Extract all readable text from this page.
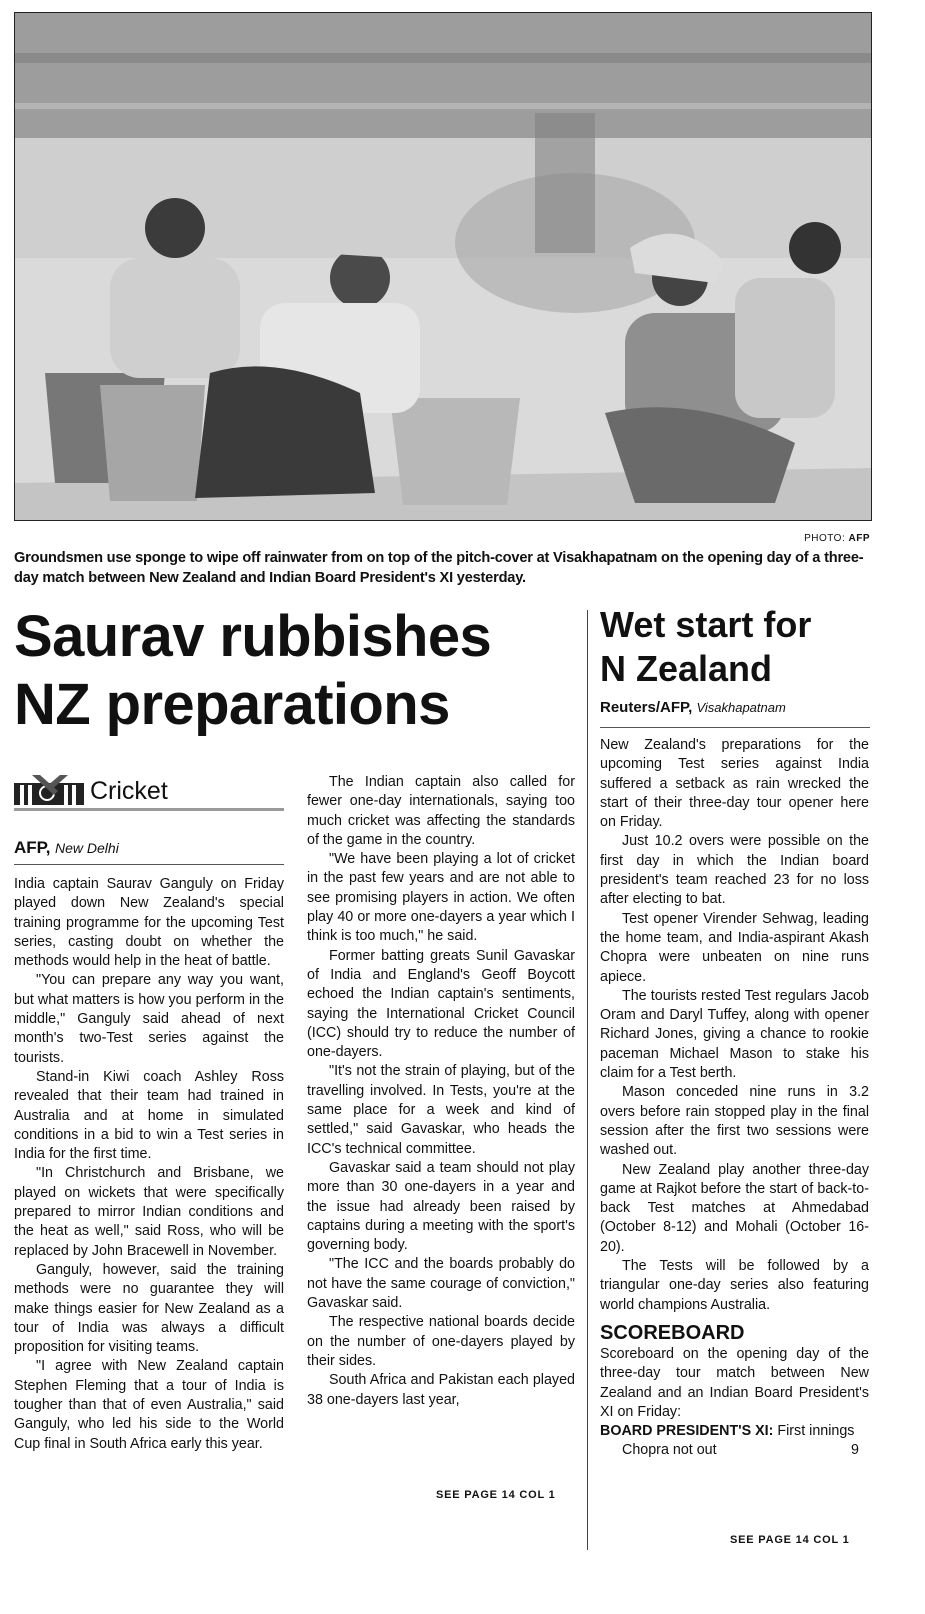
PHOTO: AFP
Groundsmen use sponge to wipe off rainwater from on top of the pitch-cover at Visakhapatnam on the opening day of a three-day match between New Zealand and Indian Board President's XI yesterday.
Saurav rubbishes
NZ preparations
Cricket
AFP, New Delhi

India captain Saurav Ganguly on Friday played down New Zealand's special training programme for the upcoming Test series, casting doubt on whether the methods would help in the heat of battle.

"You can prepare any way you want, but what matters is how you perform in the middle," Ganguly said ahead of next month's two-Test series against the tourists.

Stand-in Kiwi coach Ashley Ross revealed that their team had trained in Australia and at home in simulated conditions in a bid to win a Test series in India for the first time.

"In Christchurch and Brisbane, we played on wickets that were specifically prepared to mirror Indian conditions and the heat as well," said Ross, who will be replaced by John Bracewell in November.

Ganguly, however, said the training methods were no guarantee they will make things easier for New Zealand as a tour of India was always a difficult proposition for visiting teams.

"I agree with New Zealand captain Stephen Fleming that a tour of India is tougher than that of even Australia," said Ganguly, who led his side to the World Cup final in South Africa early this year.

The Indian captain also called for fewer one-day internationals, saying too much cricket was affecting the standards of the game in the country.

"We have been playing a lot of cricket in the past few years and are not able to see promising players in action. We often play 40 or more one-dayers a year which I think is too much," he said.

Former batting greats Sunil Gavaskar of India and England's Geoff Boycott echoed the Indian captain's sentiments, saying the International Cricket Council (ICC) should try to reduce the number of one-dayers.

"It's not the strain of playing, but of the travelling involved. In Tests, you're at the same place for a week and kind of settled," said Gavaskar, who heads the ICC's technical committee.

Gavaskar said a team should not play more than 30 one-dayers in a year and the issue had already been raised by captains during a meeting with the sport's governing body.

"The ICC and the boards probably do not have the same courage of conviction," Gavaskar said.

The respective national boards decide on the number of one-dayers played by their sides.

South Africa and Pakistan each played 38 one-dayers last year,

SEE PAGE 14 COL 1
Wet start for
N Zealand
Reuters/AFP, Visakhapatnam

New Zealand's preparations for the upcoming Test series against India suffered a setback as rain wrecked the start of their three-day tour opener here on Friday.

Just 10.2 overs were possible on the first day in which the Indian board president's team reached 23 for no loss after electing to bat.

Test opener Virender Sehwag, leading the home team, and India-aspirant Akash Chopra were unbeaten on nine runs apiece.

The tourists rested Test regulars Jacob Oram and Daryl Tuffey, along with opener Richard Jones, giving a chance to rookie paceman Michael Mason to stake his claim for a Test berth.

Mason conceded nine runs in 3.2 overs before rain stopped play in the final session after the first two sessions were washed out.

New Zealand play another three-day game at Rajkot before the start of back-to-back Test matches at Ahmedabad (October 8-12) and Mohali (October 16-20).

The Tests will be followed by a triangular one-day series also featuring world champions Australia.

SCOREBOARD

Scoreboard on the opening day of the three-day tour match between New Zealand and an Indian Board President's XI on Friday:

BOARD PRESIDENT'S XI: First innings

Chopra not out	9

SEE PAGE 14 COL 1
